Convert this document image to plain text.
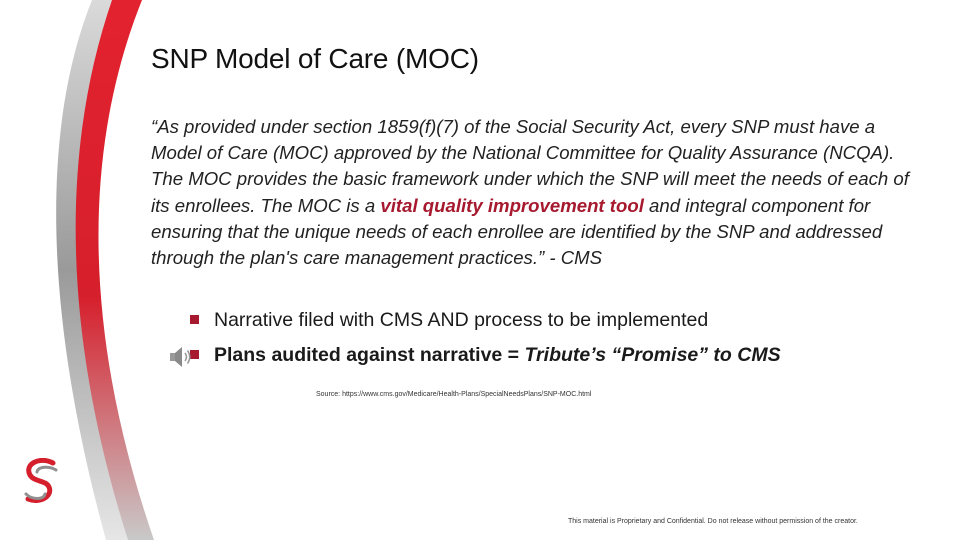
SNP Model of Care (MOC)

“As provided under section 1859(f)(7) of the Social Security Act, every SNP must have a Model of Care (MOC) approved by the National Committee for Quality Assurance (NCQA). The MOC provides the basic framework under which the SNP will meet the needs of each of its enrollees. The MOC is a vital quality improvement tool and integral component for ensuring that the unique needs of each enrollee are identified by the SNP and addressed through the plan's care management practices.” - CMS

Narrative filed with CMS AND process to be implemented
Plans audited against narrative = Tribute’s “Promise” to CMS
Source: https://www.cms.gov/Medicare/Health-Plans/SpecialNeedsPlans/SNP-MOC.html
This material is Proprietary and Confidential. Do not release without permission of the creator.
